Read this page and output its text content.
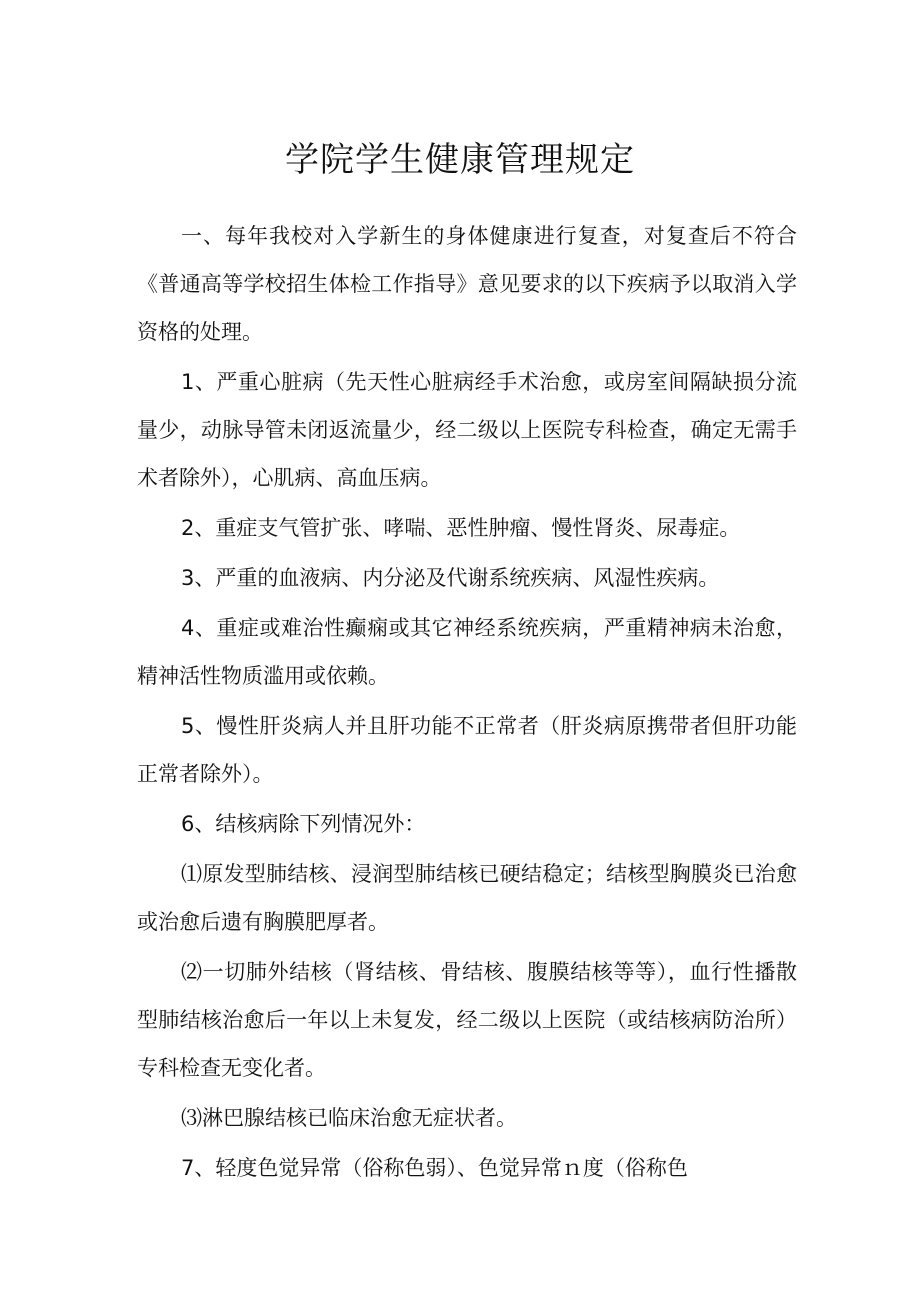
学院学生健康管理规定

一、每年我校对入学新生的身体健康进行复查，对复查后不符合《普通高等学校招生体检工作指导》意见要求的以下疾病予以取消入学资格的处理。

1、严重心脏病（先天性心脏病经手术治愈，或房室间隔缺损分流量少，动脉导管未闭返流量少，经二级以上医院专科检查，确定无需手术者除外），心肌病、高血压病。

2、重症支气管扩张、哮喘、恶性肿瘤、慢性肾炎、尿毒症。

3、严重的血液病、内分泌及代谢系统疾病、风湿性疾病。

4、重症或难治性癫痫或其它神经系统疾病，严重精神病未治愈，精神活性物质滥用或依赖。

5、慢性肝炎病人并且肝功能不正常者（肝炎病原携带者但肝功能正常者除外）。

6、结核病除下列情况外：

⑴原发型肺结核、浸润型肺结核已硬结稳定；结核型胸膜炎已治愈或治愈后遗有胸膜肥厚者。

⑵一切肺外结核（肾结核、骨结核、腹膜结核等等），血行性播散型肺结核治愈后一年以上未复发，经二级以上医院（或结核病防治所）专科检查无变化者。

⑶淋巴腺结核已临床治愈无症状者。

7、轻度色觉异常（俗称色弱）、色觉异常ｎ度（俗称色
